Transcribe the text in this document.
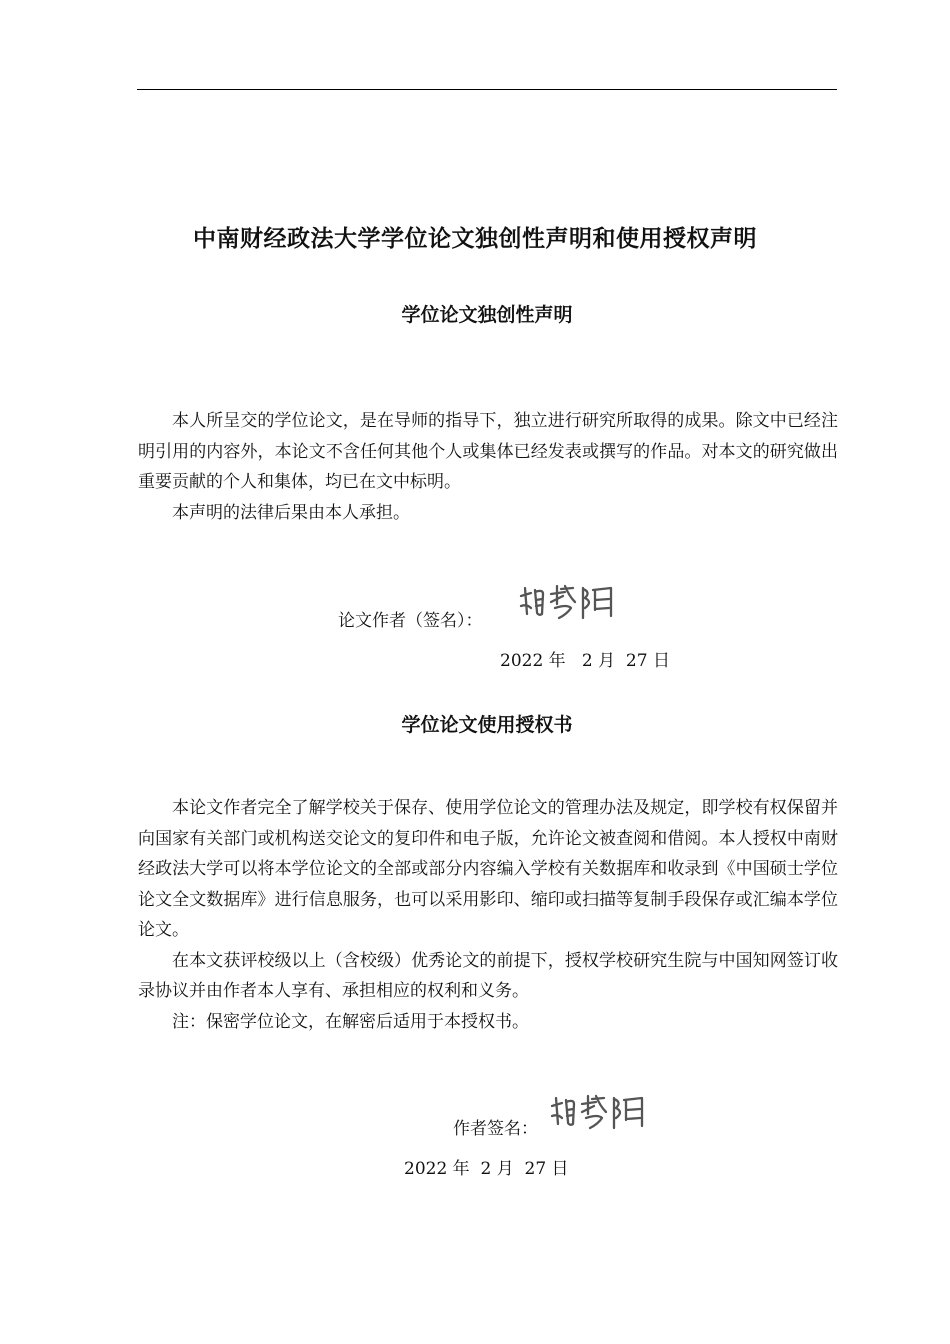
中南财经政法大学学位论文独创性声明和使用授权声明
学位论文独创性声明

本人所呈交的学位论文，是在导师的指导下，独立进行研究所取得的成果。除文中已经注明引用的内容外，本论文不含任何其他个人或集体已经发表或撰写的作品。对本文的研究做出重要贡献的个人和集体，均已在文中标明。

本声明的法律后果由本人承担。

论文作者（签名）：
2022 年   2 月  27 日
学位论文使用授权书

本论文作者完全了解学校关于保存、使用学位论文的管理办法及规定，即学校有权保留并向国家有关部门或机构送交论文的复印件和电子版，允许论文被查阅和借阅。本人授权中南财经政法大学可以将本学位论文的全部或部分内容编入学校有关数据库和收录到《中国硕士学位论文全文数据库》进行信息服务，也可以采用影印、缩印或扫描等复制手段保存或汇编本学位论文。

在本文获评校级以上（含校级）优秀论文的前提下，授权学校研究生院与中国知网签订收录协议并由作者本人享有、承担相应的权利和义务。

注：保密学位论文，在解密后适用于本授权书。

作者签名：
2022 年  2 月  27 日
